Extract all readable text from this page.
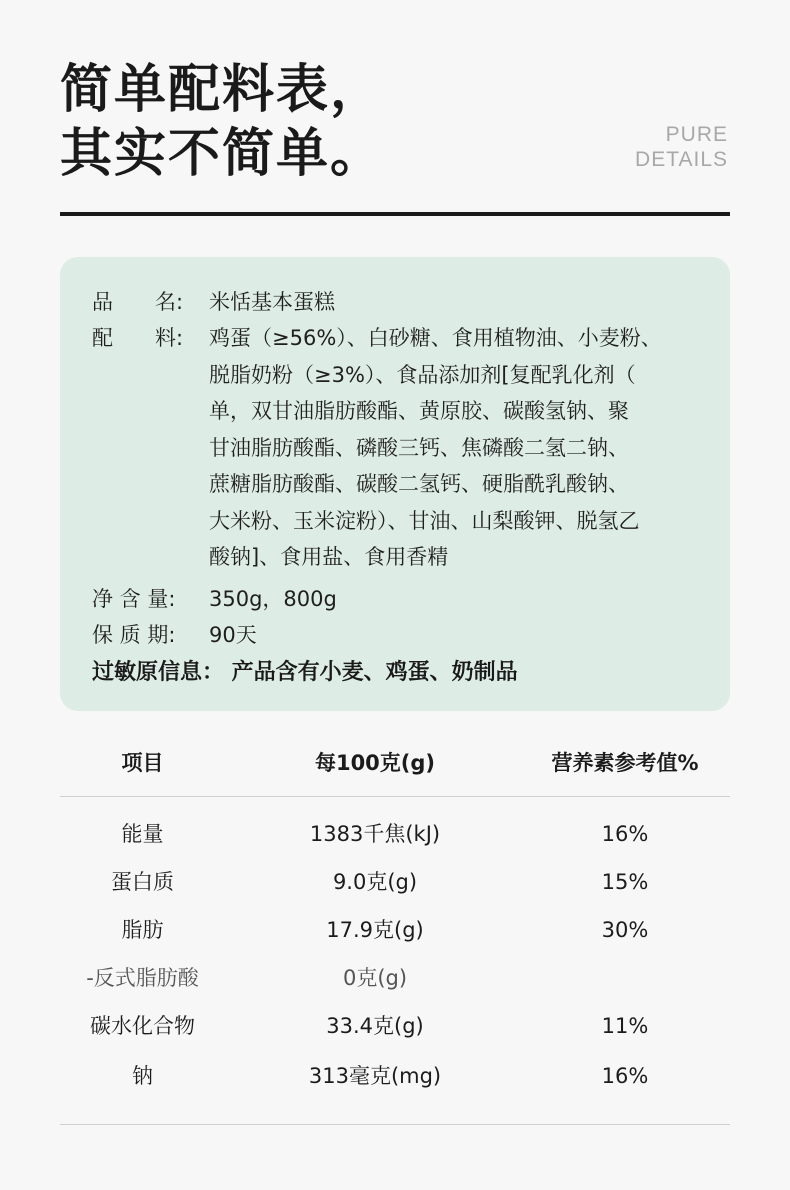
简单配料表，
其实不简单。	PURE
DETAILS
品　　名: 米恬基本蛋糕
配　　料:	鸡蛋（≥56%）、白砂糖、食用植物油、小麦粉、
脱脂奶粉（≥3%）、食品添加剂[复配乳化剂（
单，双甘油脂肪酸酯、黄原胶、碳酸氢钠、聚
甘油脂肪酸酯、磷酸三钙、焦磷酸二氢二钠、
蔗糖脂肪酸酯、碳酸二氢钙、硬脂酰乳酸钠、
大米粉、玉米淀粉）、甘油、山梨酸钾、脱氢乙
酸钠]、食用盐、食用香精
净 含 量: 350g，800g
保 质 期: 90天
过敏原信息： 产品含有小麦、鸡蛋、奶制品
项目	每100克(g)	营养素参考值%
能量	1383千焦(kJ)	16%
蛋白质	9.0克(g)	15%
脂肪	17.9克(g)	30%
-反式脂肪酸	0克(g)
碳水化合物	33.4克(g)	11%
钠	313毫克(mg)	16%
